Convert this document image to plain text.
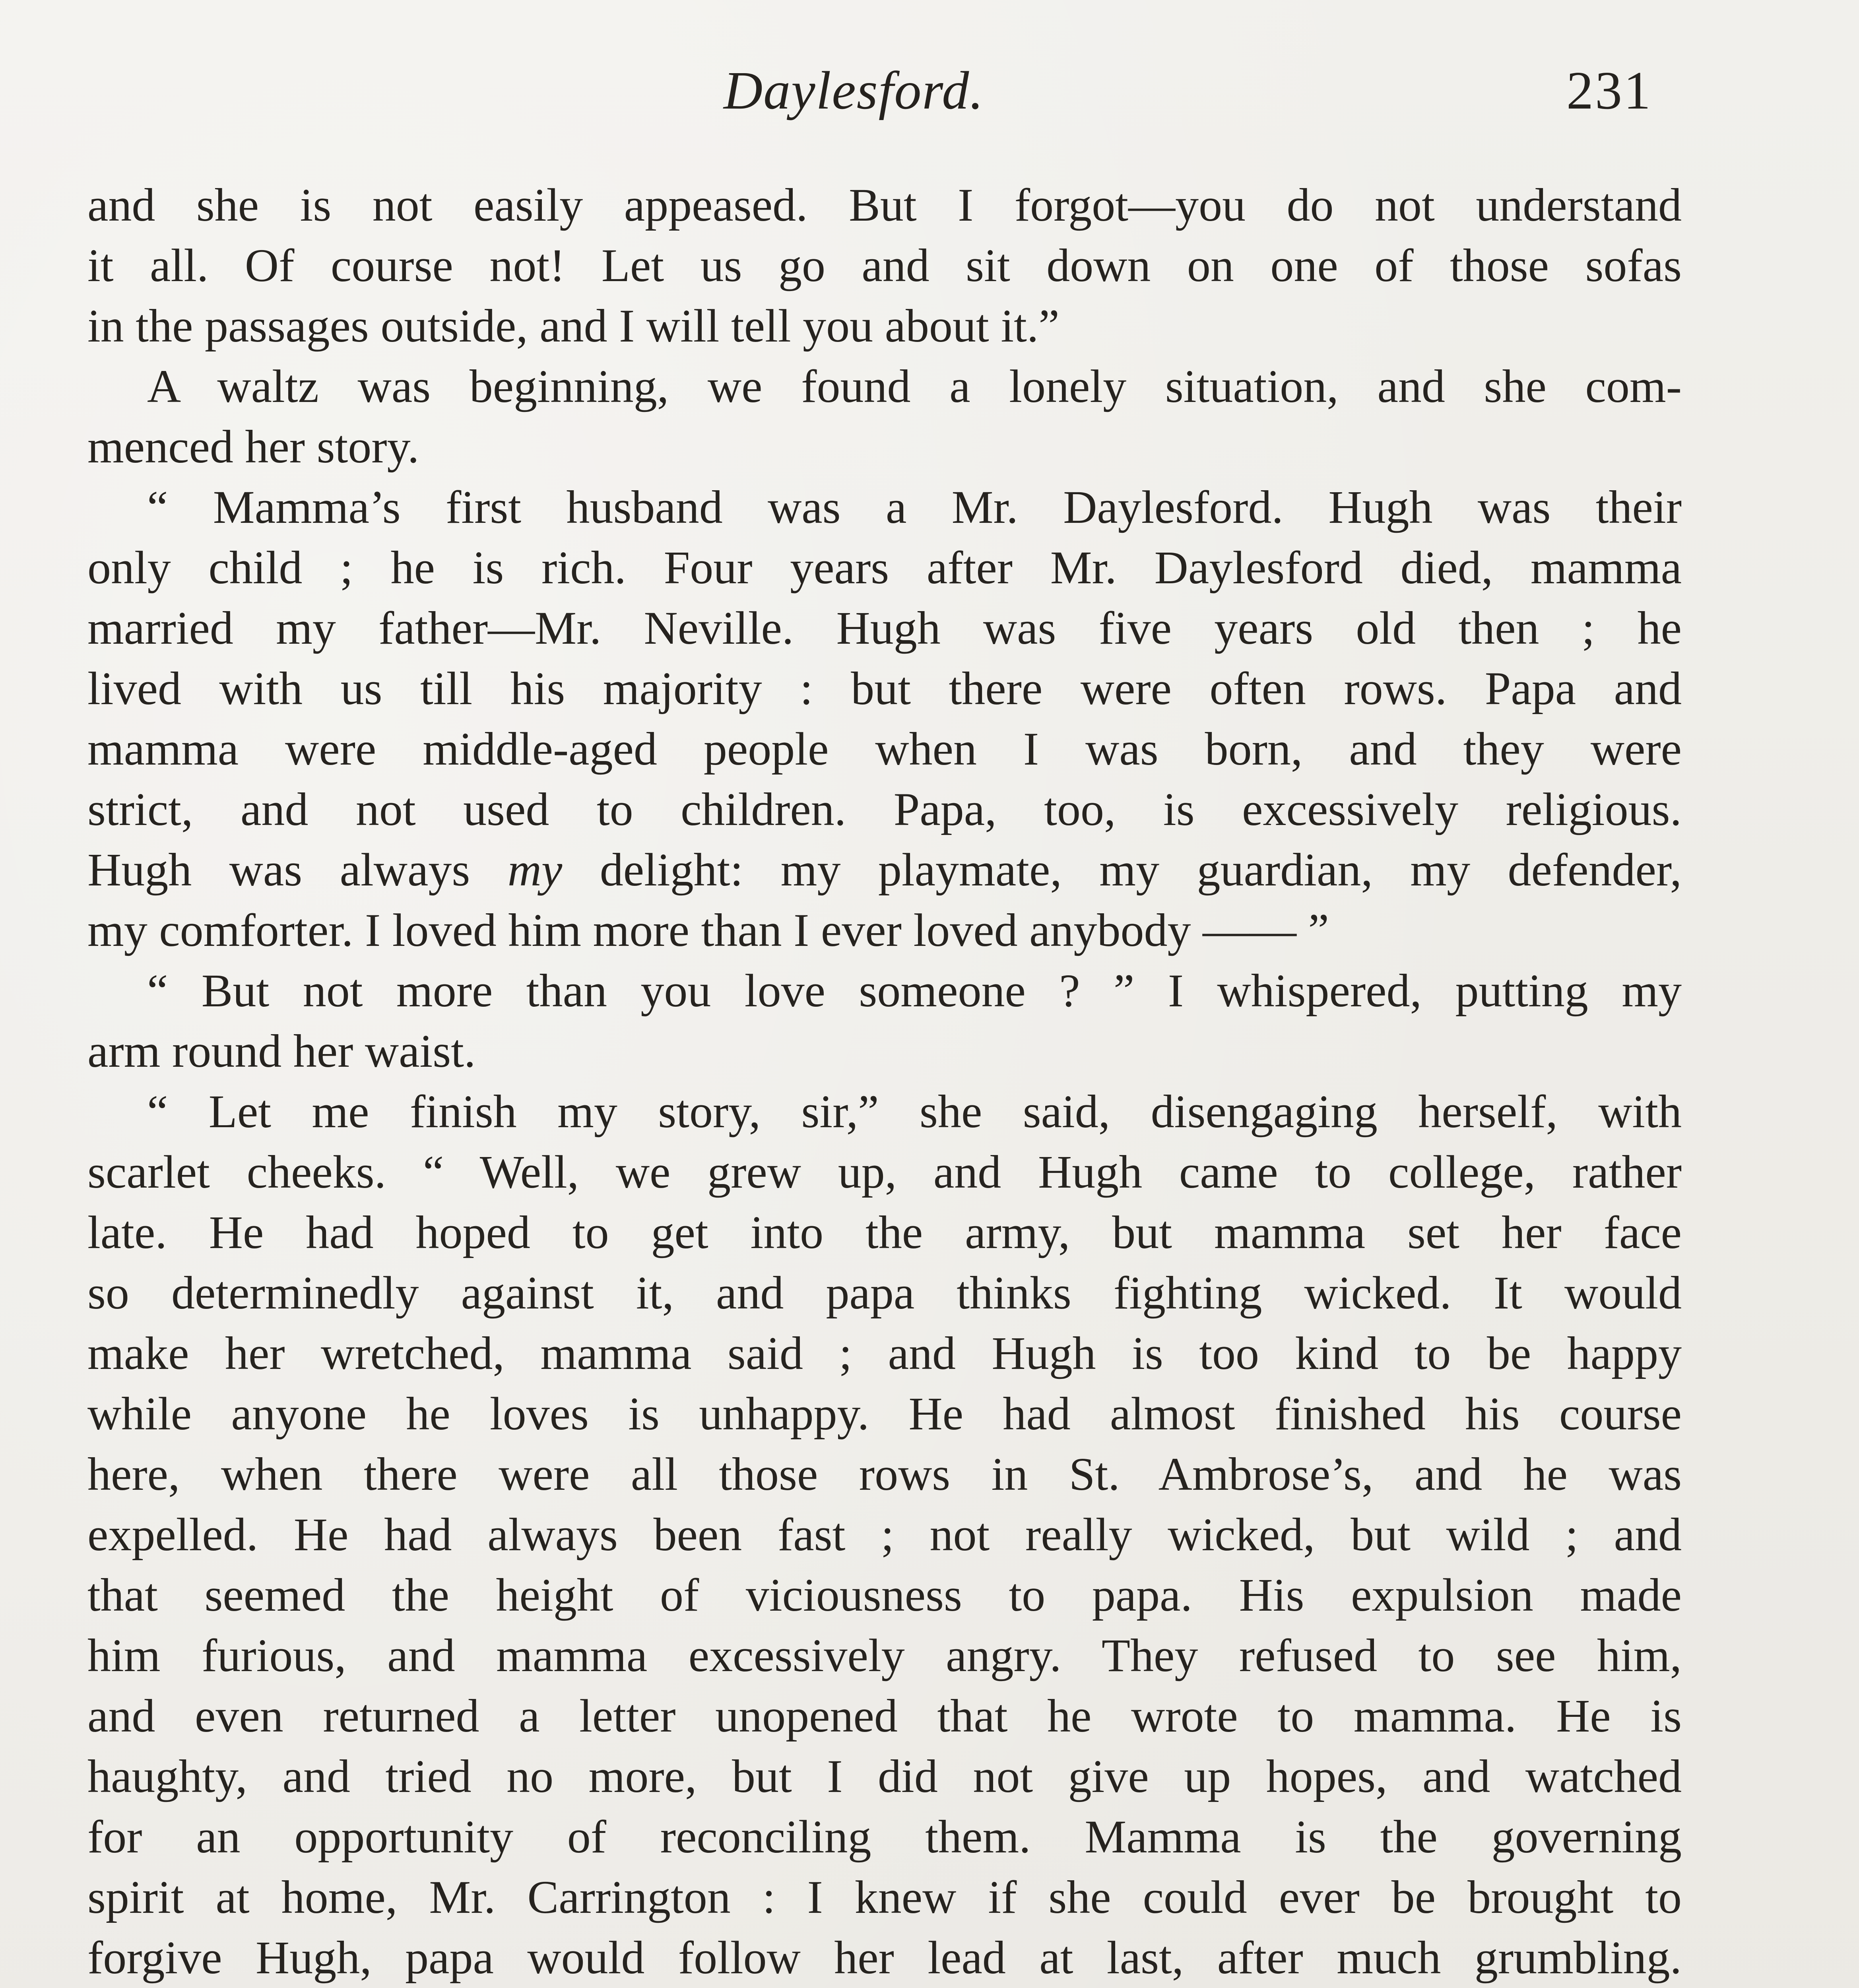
Daylesford.	231
and she is not easily appeased. But I forgot—you do not understand
it all. Of course not! Let us go and sit down on one of those sofas
in the passages outside, and I will tell you about it.”
A waltz was beginning, we found a lonely situation, and she com-
menced her story.
“ Mamma’s first husband was a Mr. Daylesford. Hugh was their
only child ; he is rich. Four years after Mr. Daylesford died, mamma
married my father—Mr. Neville. Hugh was five years old then ; he
lived with us till his majority : but there were often rows. Papa and
mamma were middle-aged people when I was born, and they were
strict, and not used to children. Papa, too, is excessively religious.
Hugh was always my delight: my playmate, my guardian, my defender,
my comforter. I loved him more than I ever loved anybody —— ”
“ But not more than you love someone ? ” I whispered, putting my
arm round her waist.
“ Let me finish my story, sir,” she said, disengaging herself, with
scarlet cheeks. “ Well, we grew up, and Hugh came to college, rather
late. He had hoped to get into the army, but mamma set her face
so determinedly against it, and papa thinks fighting wicked. It would
make her wretched, mamma said ; and Hugh is too kind to be happy
while anyone he loves is unhappy. He had almost finished his course
here, when there were all those rows in St. Ambrose’s, and he was
expelled. He had always been fast ; not really wicked, but wild ; and
that seemed the height of viciousness to papa. His expulsion made
him furious, and mamma excessively angry. They refused to see him,
and even returned a letter unopened that he wrote to mamma. He is
haughty, and tried no more, but I did not give up hopes, and watched
for an opportunity of reconciling them. Mamma is the governing
spirit at home, Mr. Carrington : I knew if she could ever be brought to
forgive Hugh, papa would follow her lead at last, after much grumbling.
